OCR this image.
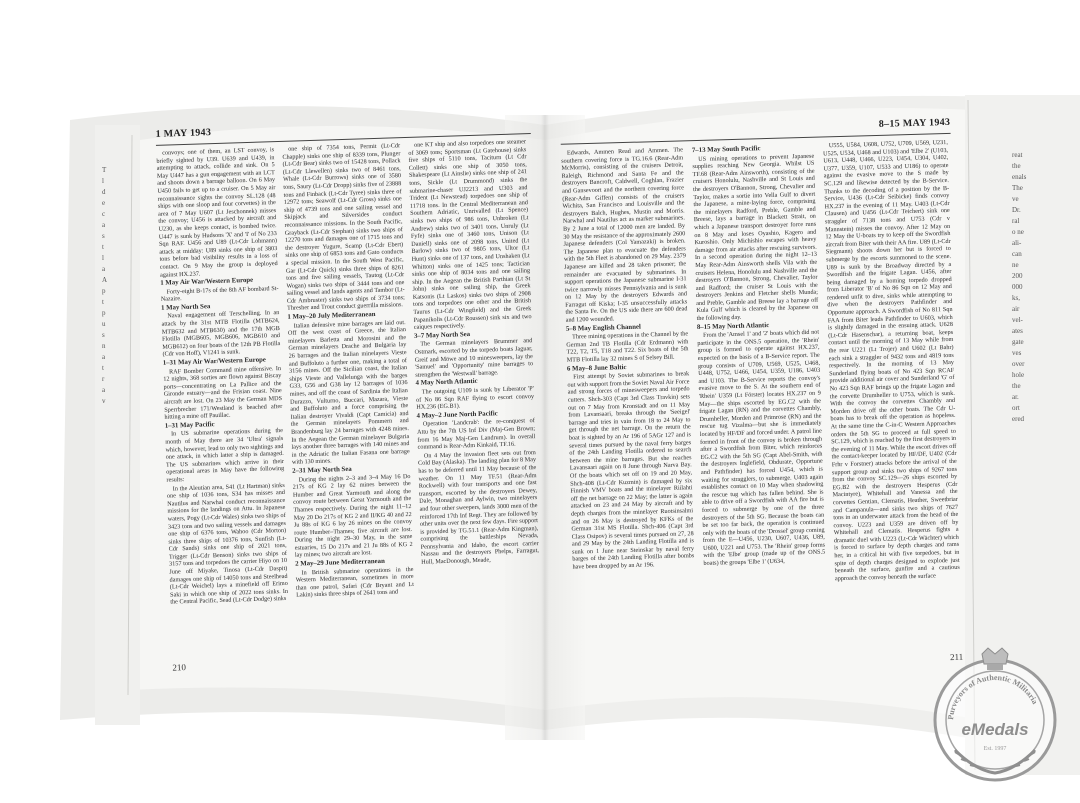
T
l
d
e
c
a
s
t
l
a
A
p
t
p
u
s
n
a
t
r
a
v
1 MAY 1943

convoys; one of them, an LST convoy, is briefly sighted by U39. U639 and U439, in attempting to attack, collide and sink. On 5 May U447 has a gun engagement with an LCT and shoots down a barrage balloon. On 6 May U450 fails to get up to a cruiser. On 5 May air reconnaissance sights the convoy SL.128 (48 ships with one sloop and four corvettes) in the area of 7 May U607 (Lt Jeschonnek) misses the convoy; U456 is attacked by aircraft and U230, as she keeps contact, is bombed twice. U447 is sunk by Hudsons 'X' and 'I' of No 233 Sqn RAF. U456 and U89 (Lt-Cdr Lohmann) attack at midday: U89 sinks one ship of 3803 tons before bad visibility results in a loss of contact. On 9 May the group is deployed against HX.237.

1 May Air War/Western Europe

Forty-eight B-17s of the 8th AF bombard St-Nazaire.

1 May North Sea

Naval engagement off Terschelling. In an attack by the 31st MTB Flotilla (MTB624, MTB632 and MTB630) and the 17th MGB Flotilla (MGB605, MGB606, MGB610 and MGB612) on four boats of the 12th PB Flotilla (Cdr von Hoff), V1241 is sunk.

1–31 May Air War/Western Europe

RAF Bomber Command mine offensive. In 12 nights, 368 sorties are flown against Biscay ports—concentrating on La Pallice and the Gironde estuary—and the Frisian coast. Nine aircraft are lost. On 23 May the German MDS Sperrbrecher 171/Westland is beached after hitting a mine off Pauillac.

1–31 May Pacific

In US submarine operations during the month of May there are 34 'Ultra' signals which, however, lead to only two sightings and one attack, in which latter a ship is damaged. The US submarines which arrive in their operational areas in May have the following results:

In the Aleutian area, S41 (Lt Hartman) sinks one ship of 1036 tons, S34 has misses and Nautilus and Narwhal conduct reconnaissance missions for the landings on Attu. In Japanese waters, Pogy (Lt-Cdr Wales) sinks two ships of 3423 tons and two sailing vessels and damages one ship of 6376 tons, Wahoo (Cdr Morton) sinks three ships of 10376 tons, Sunfish (Lt-Cdr Sands) sinks one ship of 2021 tons, Trigger (Lt-Cdr Benson) sinks two ships of 3157 tons and torpedoes the carrier Hiyo on 10 June off Miyake, Tinosa (Lt-Cdr Daspit) damages one ship of 14050 tons and Steelhead (Lt-Cdr Weichel) lays a minefield off Erimo Saki in which one ship of 2022 tons sinks. In the Central Pacific, Sead (Lt-Cdr Dodge) sinks

one ship of 7354 tons, Permit (Lt-Cdr Chapple) sinks one ship of 8339 tons, Plunger (Lt-Cdr Bear) sinks two of 15428 tons, Pollack (Lt-Cdr Llewellen) sinks two of 8461 tons, Whale (Lt-Cdr Burrows) sinks one of 3580 tons, Saury (Lt-Cdr Dropp) sinks five of 23888 tons and Finback (Lt-Cdr Tyree) sinks three of 12972 tons; Seawolf (Lt-Cdr Gross) sinks one ship of 4739 tons and one sailing vessel and Skipjack and Silversides conduct reconnaissance missions. In the South Pacific, Grayback (Lt-Cdr Stephan) sinks two ships of 12270 tons and damages one of 1715 tons and the destroyer Yugure, Scamp (Lt-Cdr Ebert) sinks one ship of 6853 tons and Gato conducts a special mission. In the South West Pacific, Gar (Lt-Cdr Quick) sinks three ships of 8261 tons and five sailing vessels, Tautog (Lt-Cdr Wogan) sinks two ships of 3444 tons and one sailing vessel and lands agents and Tambor (Lt-Cdr Ambruster) sinks two ships of 3734 tons; Thresher and Trout conduct guerrilla missions.

1 May–20 July Mediterranean

Italian defensive mine barrages are laid out. Off the west coast of Greece, the Italian minelayers Barletta and Morosini and the German minelayers Drache and Bulgaria lay 26 barrages and the Italian minelayers Vieste and Buffoluto a further one, making a total of 3156 mines. Off the Sicilian coast, the Italian ships Vieste and Vallelunga with the barges G33, G56 and G38 lay 12 barrages of 1036 mines, and off the coast of Sardinia the Italian Durazzo, Vulturno, Buccari, Mazara, Vieste and Buffoluto and a force comprising the Italian destroyer Vivaldi (Capt Camicia) and the German minelayers Pommern and Brandenburg lay 24 barrages with 4248 mines. In the Aegean the German minelayer Bulgaria lays another three barrages with 140 mines and in the Adriatic the Italian Fasana one barrage with 130 mines.

2–31 May North Sea

During the nights 2–3 and 3–4 May 16 Do 217s of KG 2 lay 62 mines between the Humber and Great Yarmouth and along the convoy route between Great Yarmouth and the Thames respectively. During the night 11–12 May 20 Do 217s of KG 2 and II/KG 40 and 22 Ju 88s of KG 6 lay 26 mines on the convoy route Humber–Thames; five aircraft are lost. During the night 29–30 May, in the same estuaries, 15 Do 217s and 21 Ju 88s of KG 2 lay mines; two aircraft are lost.

2 May–29 June Mediterranean

In British submarine operations in the Western Mediterranean, sometimes in more than one patrol, Safari (Cdr Bryant and Lt Lakin) sinks three ships of 2641 tons and

one KT ship and also torpedoes one steamer of 3069 tons; Sportsman (Lt Gatehouse) sinks five ships of 5110 tons, Taciturn (Lt Cdr Collett) sinks one ship of 3050 tons, Shakespeare (Lt Ainslie) sinks one ship of 241 tons, Sickle (Lt Drummond) sinks the submarine-chaser UJ2213 and U303 and Trident (Lt Newstead) torpedoes one ship of 11718 tons. In the Central Mediterranean and Southern Adriatic, Unrivalled (Lt Spence) sinks two ships of 986 tons, Unbroken (Lt Andrew) sinks two of 3401 tons, Unruly (Lt Fyfe) sinks one of 3460 tons, Unison (Lt Daniell) sinks one of 2098 tons, United (Lt Barlow) sinks two of 9805 tons, Ultor (Lt Hunt) sinks one of 137 tons, and Unshaken (Lt Whitton) sinks one of 1425 tons; Tactician sinks one ship of 8034 tons and one sailing ship. In the Aegean the British Parthian (Lt St John) sinks one sailing ship, the Greek Katsonis (Lt Laskos) sinks two ships of 2908 tons and torpedoes one other and the British Taurus (Lt-Cdr Wingfield) and the Greek Papanikolis (Lt-Cdr Roussen) sink six and two caiques respectively.

3–7 May North Sea

The German minelayers Brummer and Ostmark, escorted by the torpedo boats Jaguar, Greif and Möwe and 10 minesweepers, lay the 'Samuel' and 'Opportunity' mine barrages to strengthen the 'Westwall' barrage.

4 May North Atlantic

The outgoing U109 is sunk by Liberator 'P' of No 86 Sqn RAF flying to escort convoy HX.236 (EG.B1).

4 May–2 June North Pacific

Operation 'Landcrab': the re-conquest of Attu by the 7th US Inf Div (Maj-Gen Brown; from 16 May Maj-Gen Landrum). In overall command is Rear-Adm Kinkaid, TF.16.

On 4 May the invasion fleet sets out from Cold Bay (Alaska). The landing plan for 8 May has to be deferred until 11 May because of the weather. On 11 May TF.51 (Rear-Adm Rockwell) with four transports and one fast transport, escorted by the destroyers Dewey, Dale, Monaghan and Aylwin, two minelayers and four other sweepers, lands 3000 men of the reinforced 17th Inf Regt. They are followed by other units over the next few days. Fire support is provided by TG.51.1 (Rear-Adm Kingman), comprising the battleships Nevada, Pennsylvania and Idaho, the escort carrier Nassau and the destroyers Phelps, Farragut, Hull, MacDonough, Meade,

210
8–15 MAY 1943

Edwards, Ammen Read and Ammen. The southern covering force is TG.16.6 (Rear-Adm McMorris), consisting of the cruisers Detroit, Raleigh, Richmond and Santa Fe and the destroyers Bancroft, Caldwell, Coghlan, Frazier and Gansevoort and the northern covering force (Rear-Adm Giffen) consists of the cruisers Wichita, San Francisco and Louisville and the destroyers Balch, Hughes, Mustin and Morris. Narwhal and Nautilus act as marker submarines. By 2 June a total of 12000 men are landed. By 30 May the resistance of the approximately 2600 Japanese defenders (Col Yamazaki) is broken. The Japanese plan to evacuate the defenders with the 5th Fleet is abandoned on 29 May. 2379 Japanese are killed and 28 taken prisoner; the remainder are evacuated by submarines. In support operations the Japanese submarine I-31 twice narrowly misses Pennsylvania and is sunk on 12 May by the destroyers Edwards and Farragut off Kiska; I-35 unsuccessfully attacks the Santa Fe. On the US side there are 600 dead and 1200 wounded.

5–8 May English Channel

Three mining operations in the Channel by the German 2nd TB Flotilla (Cdr Erdmann) with T22, T2, T5, T18 and T22. Six boats of the 5th MTB Flotilla lay 32 mines S of Selsey Bill.

6 May–8 June Baltic

First attempt by Soviet submarines to break out with support from the Soviet Naval Air Force and strong forces of minesweepers and torpedo cutters. Shch-303 (Capt 3rd Class Travkin) sets out on 7 May from Kronstadt and on 11 May from Lavansaari, breaks through the 'Seeigel' barrage and tries in vain from 18 to 24 May to get through the net barrage. On the return the boat is sighted by an Ar 196 of 5AGr 127 and is several times pursued by the naval ferry barges of the 24th Landing Flotilla ordered to search between the mine barrages. But she reaches Lavansaari again on 8 June through Narva Bay. Of the boats which set off on 19 and 20 May, Shch-408 (Lt-Cdr Kuzmin) is damaged by six Finnish VMV boats and the minelayer Riilahti off the net barrage on 22 May; the latter is again attacked on 23 and 24 May by aircraft and by depth charges from the minelayer Ruotsinsalmi and on 26 May is destroyed by KFKs of the German 31st MS Flotilla. Shch-406 (Capt 3rd Class Osipov) is several times pursued on 27, 28 and 29 May by the 24th Landing Flotilla and is sunk on 1 June near Steinskar by naval ferry barges of the 24th Landing Flotilla after bombs have been dropped by an Ar 196.

7–13 May South Pacific

US mining operations to prevent Japanese supplies reaching New Georgia. Whilst US TF.68 (Rear-Adm Ainsworth), consisting of the cruisers Honolulu, Nashville and St Louis and the destroyers O'Bannon, Strong, Chevalier and Taylor, makes a sortie into Vella Gulf to divert the Japanese, a mine-laying force, comprising the minelayers Radford, Preble, Gamble and Breese, lays a barrage in Blackett Strait, on which a Japanese transport destroyer force runs on 8 May and loses Oyashio, Kagero and Kuroshio. Only Michishio escapes with heavy damage from air attacks after rescuing survivors. In a second operation during the night 12–13 May Rear-Adm Ainsworth shells Vila with the cruisers Helena, Honolulu and Nashville and the destroyers O'Bannon, Strong, Chevalier, Taylor and Radford; the cruiser St Louis with the destroyers Jenkins and Fletcher shells Munda; and Preble, Gamble and Breese lay a barrage off Kula Gulf which is cleared by the Japanese on the following day.

8–15 May North Atlantic

From the 'Amsel 1' and '2' boats which did not participate in the ONS.5 operation, the 'Rhein' group is formed to operate against HX.237, expected on the basis of a B-Service report. The group consists of U709, U569, U525, U468, U448, U752, U466, U454, U359, U186, U403 and U103. The B-Service reports the convoy's evasive move to the S. At the southern end of 'Rhein' U359 (Lt Förster) locates HX.237 on 9 May—the ships escorted by EG.C2 with the frigate Lagan (RN) and the corvettes Chambly, Drumheller, Morden and Primrose (RN) and the rescue tug Vizalma—but she is immediately located by HF/DF and forced under. A patrol line formed in front of the convoy is broken through after a Swordfish from Biter, which reinforces EG.C2 with the 5th SG (Capt Abel-Smith, with the destroyers Inglefield, Obdurate, Opportune and Pathfinder) has forced U454, which is waiting for stragglers, to submerge. U403 again establishes contact on 10 May when shadowing the rescue tug which has fallen behind. She is able to drive off a Swordfish with AA fire but is forced to submerge by one of the three destroyers of the 5th SG. Because the boats can be set too far back, the operation is continued only with the boats of the 'Drossel' group coming from the E—U456, U230, U607, U436, U89, U600, U221 and U753. The 'Rhein' group forms with the 'Elbe' group (made up of the ONS.5 boats) the groups 'Elbe 1' (U634,

U555, U584, U608, U752, U709, U569, U231, U525, U534, U468 and U103) and 'Elbe 2' (U103, U613, U448, U466, U223, U454, U304, U402, U377, U359, U107, U533 and U186) to operate against the evasive move to the S made by SC.129 and likewise detected by the B-Service. Thanks to the decoding of a position by the B-Service, U436 (Lt-Cdr Seibicke) finds convoy HX.237 in the evening of 11 May. U403 (Lt-Cdr Clausen) and U456 (Lt-Cdr Teichert) sink one straggler of 7138 tons and U753 (Cdr v Mannstein) misses the convoy. After 12 May on 12 May the U-boats try to keep off the Swordfish aircraft from Biter with their AA fire. U89 (Lt-Cdr Siegmann) shoots down her but is forced to submerge by the escorts summoned to the scene. U89 is sunk by the Broadway directed by a Swordfish and the frigate Lagan. U456, after being damaged by a homing torpedo dropped from Liberator 'B' of No 86 Sqn on 12 May and rendered unfit to dive, sinks while attempting to dive when the destroyers Pathfinder and Opportune approach. A Swordfish of No 811 Sqn FAA from Biter leads Pathfinder to U603, which is slightly damaged in the ensuing attack. U628 (Lt-Cdr Hasenschar), a returning boat, keeps contact until the morning of 13 May while from the rear U221 (Lt Trojer) and U602 (Lt Bahr) each sink a straggler of 9432 tons and 4819 tons respectively. In the morning of 13 May Sunderland flying boats of No 423 Sqn RCAF provide additional air cover and Sunderland 'G' of No 423 Sqn RAF brings up the frigate Lagan and the corvette Drumheller to U753, which is sunk. With the convoy the corvettes Chambly and Morden drive off the other boats. The Cdr U-boats has to break off the operation as hopeless. At the same time the C-in-C Western Approaches orders the 5th SG to proceed at full speed to SC.129, which is reached by the first destroyers in the evening of 11 May. While the escort drives off the contact-keeper located by HF/DF, U402 (Cdr Frhr v Forstner) attacks before the arrival of the support group and sinks two ships of 9267 tons from the convoy SC.129—26 ships escorted by EG.B2 with the destroyers Hesperus (Cdr Macintyre), Whitehall and Vanessa and the corvettes Gentian, Clematis, Heather, Sweetbriar and Campanula—and sinks two ships of 7627 tons in an underwater attack from the head of the convoy. U223 and U359 are driven off by Whitehall and Clematis. Hesperus fights a dramatic duel with U223 (Lt-Cdr Wächter) which is forced to surface by depth charges and rams her, in a critical hit with five torpedoes, but in spite of depth charges designed to explode just beneath the surface, gunfire and a cautious approach the convoy beneath the surface

211
reat
the
enals
The
ve
Dr.
ral
o ne
ali-
can
ne
200
000
ks,
air
vel-
ates
gate
ves
over
hole
the
ar.
ort
ered
Purveyors of Authentic Militaria
eMedals
Est. 1997
